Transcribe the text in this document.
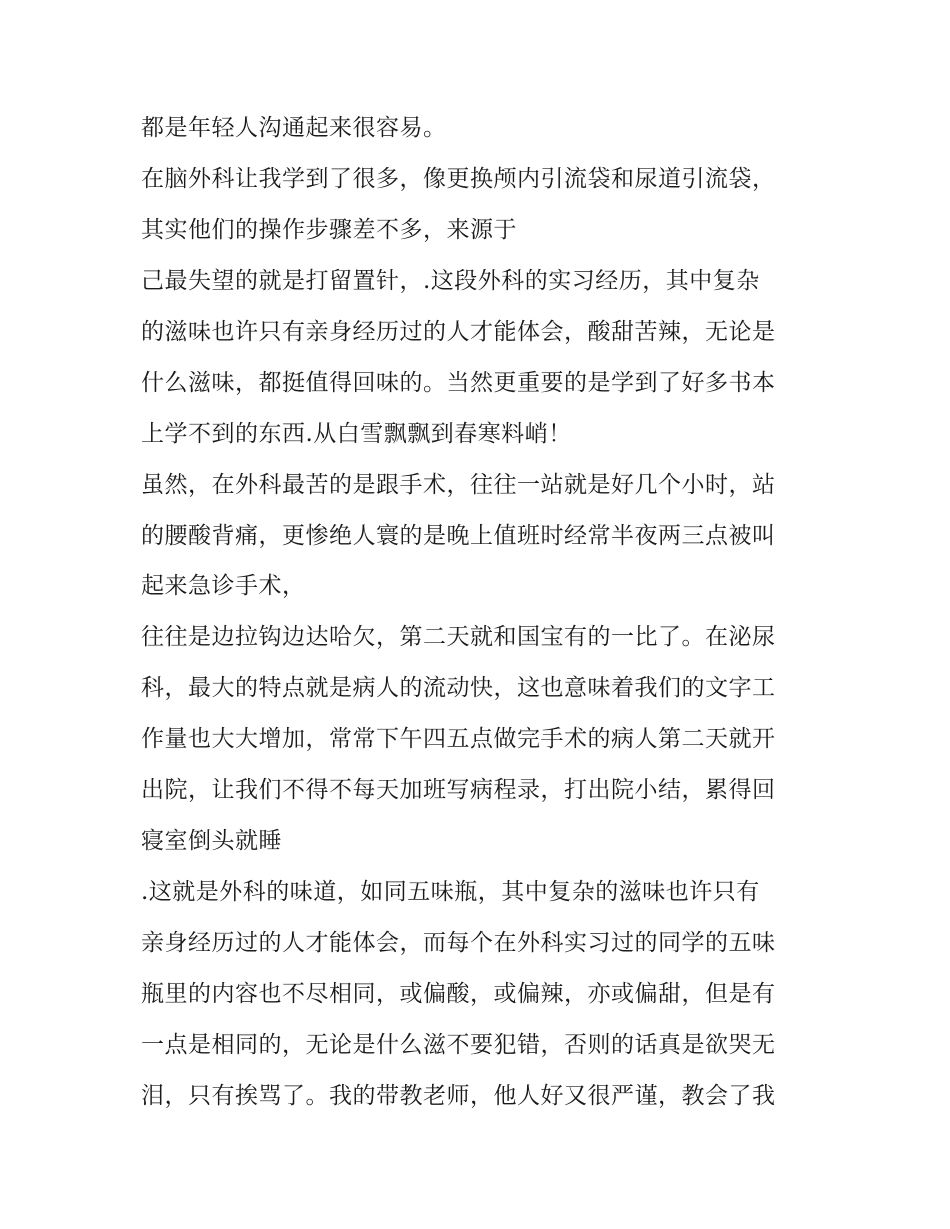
都是年轻人沟通起来很容易。
在脑外科让我学到了很多，像更换颅内引流袋和尿道引流袋，
其实他们的操作步骤差不多，来源于
己最失望的就是打留置针，.这段外科的实习经历，其中复杂
的滋味也许只有亲身经历过的人才能体会，酸甜苦辣，无论是
什么滋味，都挺值得回味的。当然更重要的是学到了好多书本
上学不到的东西.从白雪飘飘到春寒料峭！
虽然，在外科最苦的是跟手术，往往一站就是好几个小时，站
的腰酸背痛，更惨绝人寰的是晚上值班时经常半夜两三点被叫
起来急诊手术，
往往是边拉钩边达哈欠，第二天就和国宝有的一比了。在泌尿
科，最大的特点就是病人的流动快，这也意味着我们的文字工
作量也大大增加，常常下午四五点做完手术的病人第二天就开
出院，让我们不得不每天加班写病程录，打出院小结，累得回
寝室倒头就睡
.这就是外科的味道，如同五味瓶，其中复杂的滋味也许只有
亲身经历过的人才能体会，而每个在外科实习过的同学的五味
瓶里的内容也不尽相同，或偏酸，或偏辣，亦或偏甜，但是有
一点是相同的，无论是什么滋不要犯错，否则的话真是欲哭无
泪，只有挨骂了。我的带教老师，他人好又很严谨，教会了我
